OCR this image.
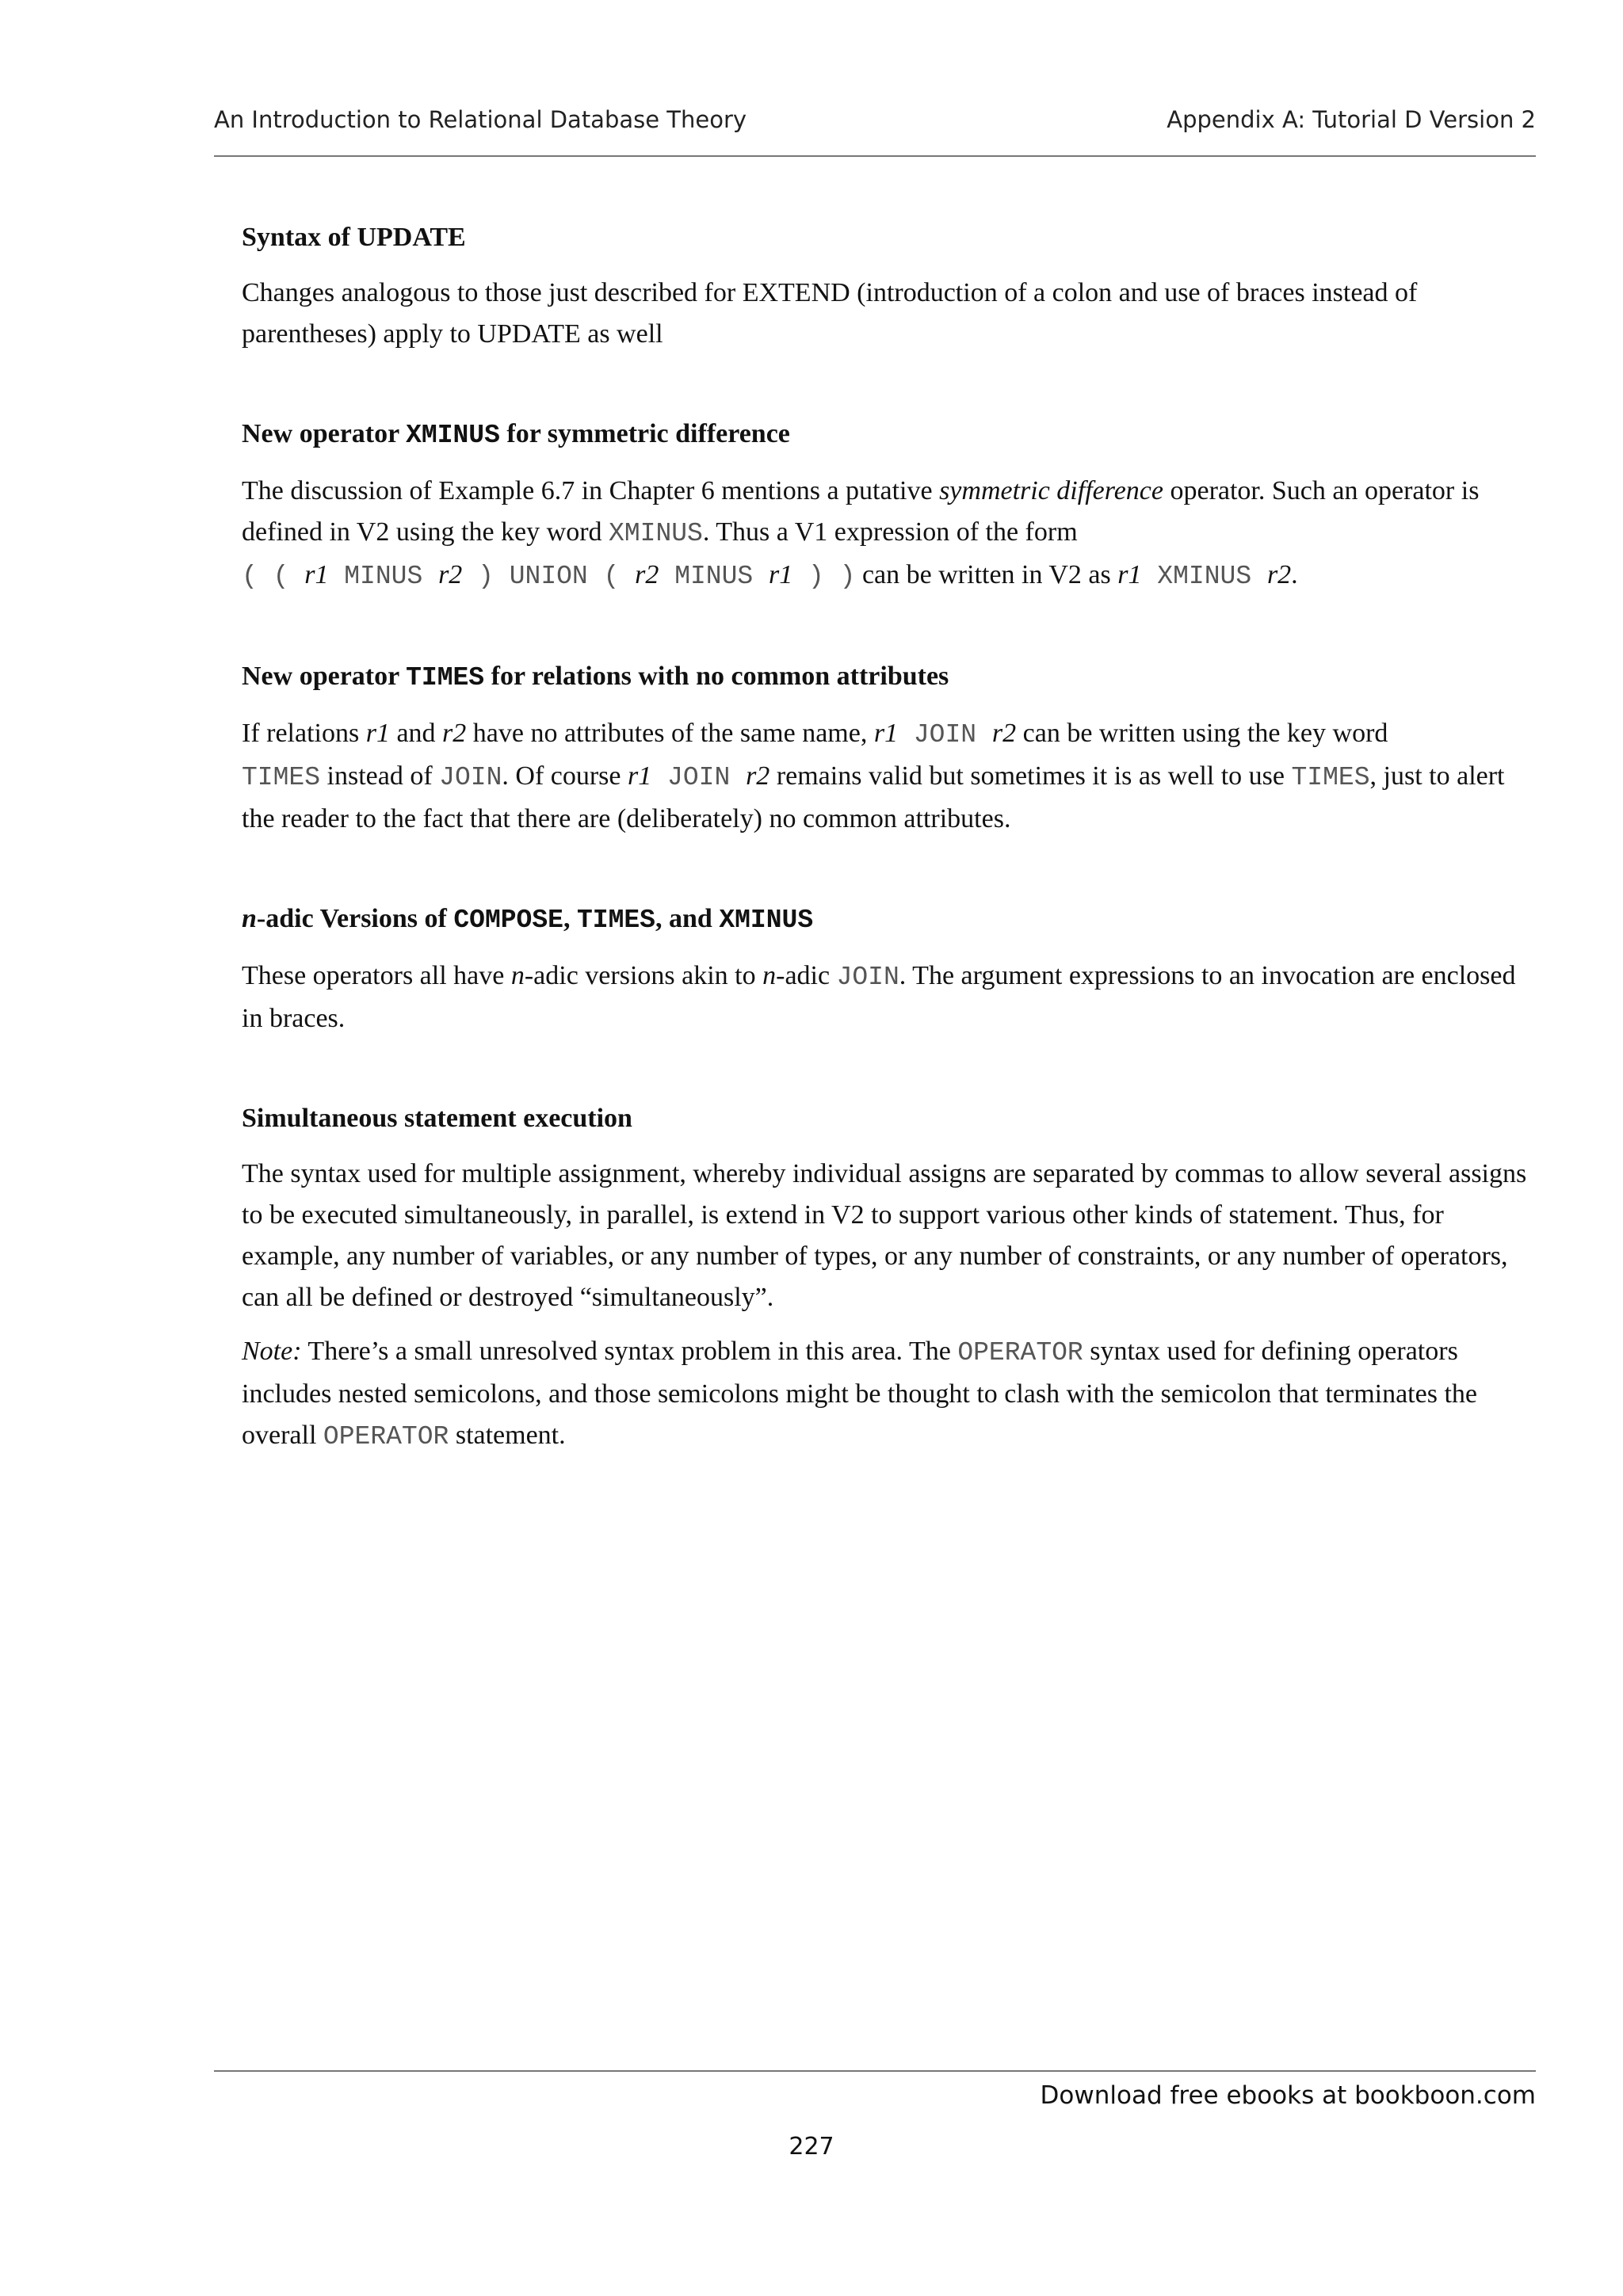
An Introduction to Relational Database Theory	Appendix A: Tutorial D Version 2

Syntax of UPDATE

Changes analogous to those just described for EXTEND (introduction of a colon and use of braces instead of parentheses) apply to UPDATE as well

New operator XMINUS for symmetric difference

The discussion of Example 6.7 in Chapter 6 mentions a putative symmetric difference operator. Such an operator is defined in V2 using the key word XMINUS. Thus a V1 expression of the form
( ( r1 MINUS r2 ) UNION ( r2 MINUS r1 ) ) can be written in V2 as r1 XMINUS r2.

New operator TIMES for relations with no common attributes

If relations r1 and r2 have no attributes of the same name, r1 JOIN r2 can be written using the key word
TIMES instead of JOIN. Of course r1 JOIN r2 remains valid but sometimes it is as well to use TIMES, just to alert the reader to the fact that there are (deliberately) no common attributes.

n-adic Versions of COMPOSE, TIMES, and XMINUS

These operators all have n-adic versions akin to n-adic JOIN. The argument expressions to an invocation are enclosed in braces.

Simultaneous statement execution

The syntax used for multiple assignment, whereby individual assigns are separated by commas to allow several assigns to be executed simultaneously, in parallel, is extend in V2 to support various other kinds of statement. Thus, for example, any number of variables, or any number of types, or any number of constraints, or any number of operators, can all be defined or destroyed “simultaneously”.

Note: There’s a small unresolved syntax problem in this area. The OPERATOR syntax used for defining operators includes nested semicolons, and those semicolons might be thought to clash with the semicolon that terminates the overall OPERATOR statement.

Download free ebooks at bookboon.com
227
